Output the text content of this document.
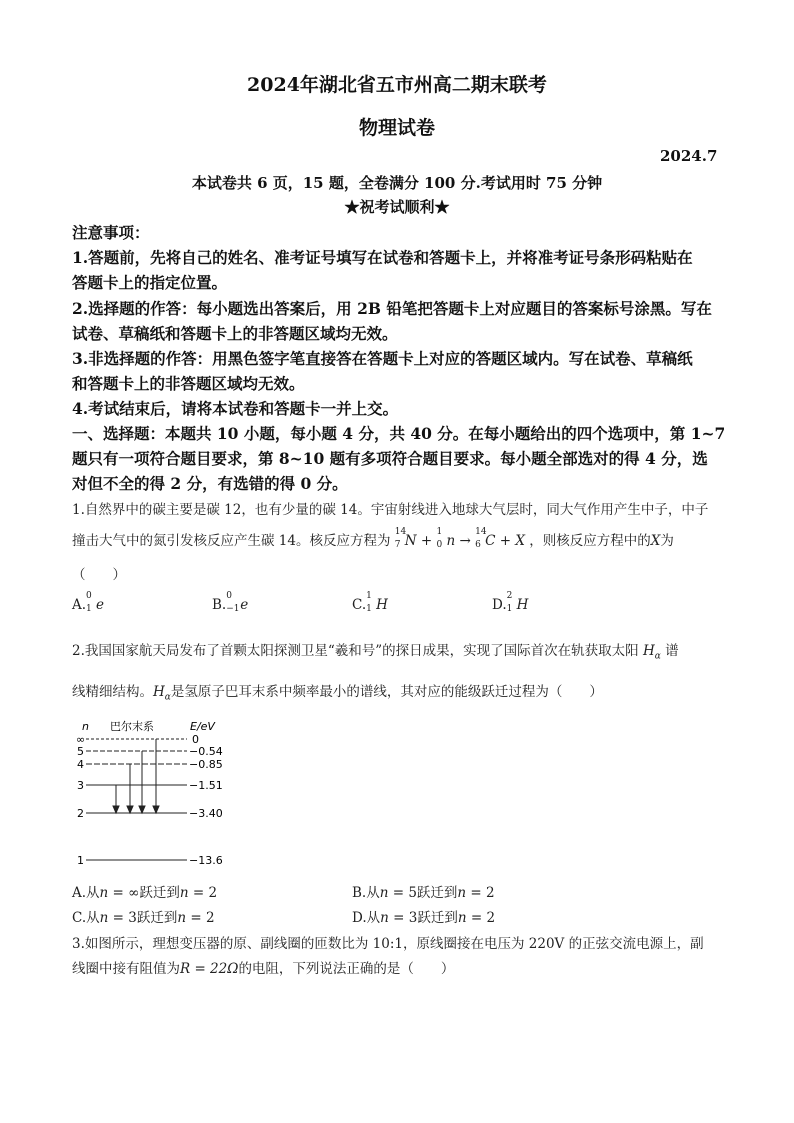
2024年湖北省五市州高二期末联考
物理试卷
2024.7
本试卷共 6 页，15 题，全卷满分 100 分.考试用时 75 分钟
★祝考试顺利★
注意事项：
1.答题前，先将自己的姓名、准考证号填写在试卷和答题卡上，并将准考证号条形码粘贴在
答题卡上的指定位置。
2.选择题的作答：每小题选出答案后，用 2B 铅笔把答题卡上对应题目的答案标号涂黑。写在
试卷、草稿纸和答题卡上的非答题区域均无效。
3.非选择题的作答：用黑色签字笔直接答在答题卡上对应的答题区域内。写在试卷、草稿纸
和答题卡上的非答题区域均无效。
4.考试结束后，请将本试卷和答题卡一并上交。
一、选择题：本题共 10 小题，每小题 4 分，共 40 分。在每小题给出的四个选项中，第 1~7
题只有一项符合题目要求，第 8~10 题有多项符合题目要求。每小题全部选对的得 4 分，选
对但不全的得 2 分，有选错的得 0 分。
1.自然界中的碳主要是碳 12，也有少量的碳 14。宇宙射线进入地球大气层时，同大气作用产生中子，中子
撞击大气中的氮引发核反应产生碳 14。核反应方程为
14
7 N +
1
0 n →
14
6 C + X ，则核反应方程中的X为
（　　）
A.
0
1 e	B.
0
−1 e	C.
1
1 H	D.
2
1 H
2.我国国家航天局发布了首颗太阳探测卫星“羲和号”的探日成果，实现了国际首次在轨获取太阳 $H_\alpha$ 谱
线精细结构。$H_\alpha$是氢原子巴耳末系中频率最小的谱线，其对应的能级跃迁过程为（　　）
n 巴尔末系	E/eV
∞
5
4
3
2
1
0
−0.54
−0.85
−1.51
−3.40
−13.6
A.从n = ∞跃迁到n = 2	B.从n = 5跃迁到n = 2
C.从n = 3跃迁到n = 2	D.从n = 3跃迁到n = 2
3.如图所示，理想变压器的原、副线圈的匝数比为 10:1，原线圈接在电压为 220V 的正弦交流电源上，副
线圈中接有阻值为R = 22Ω的电阻，下列说法正确的是（　　）
